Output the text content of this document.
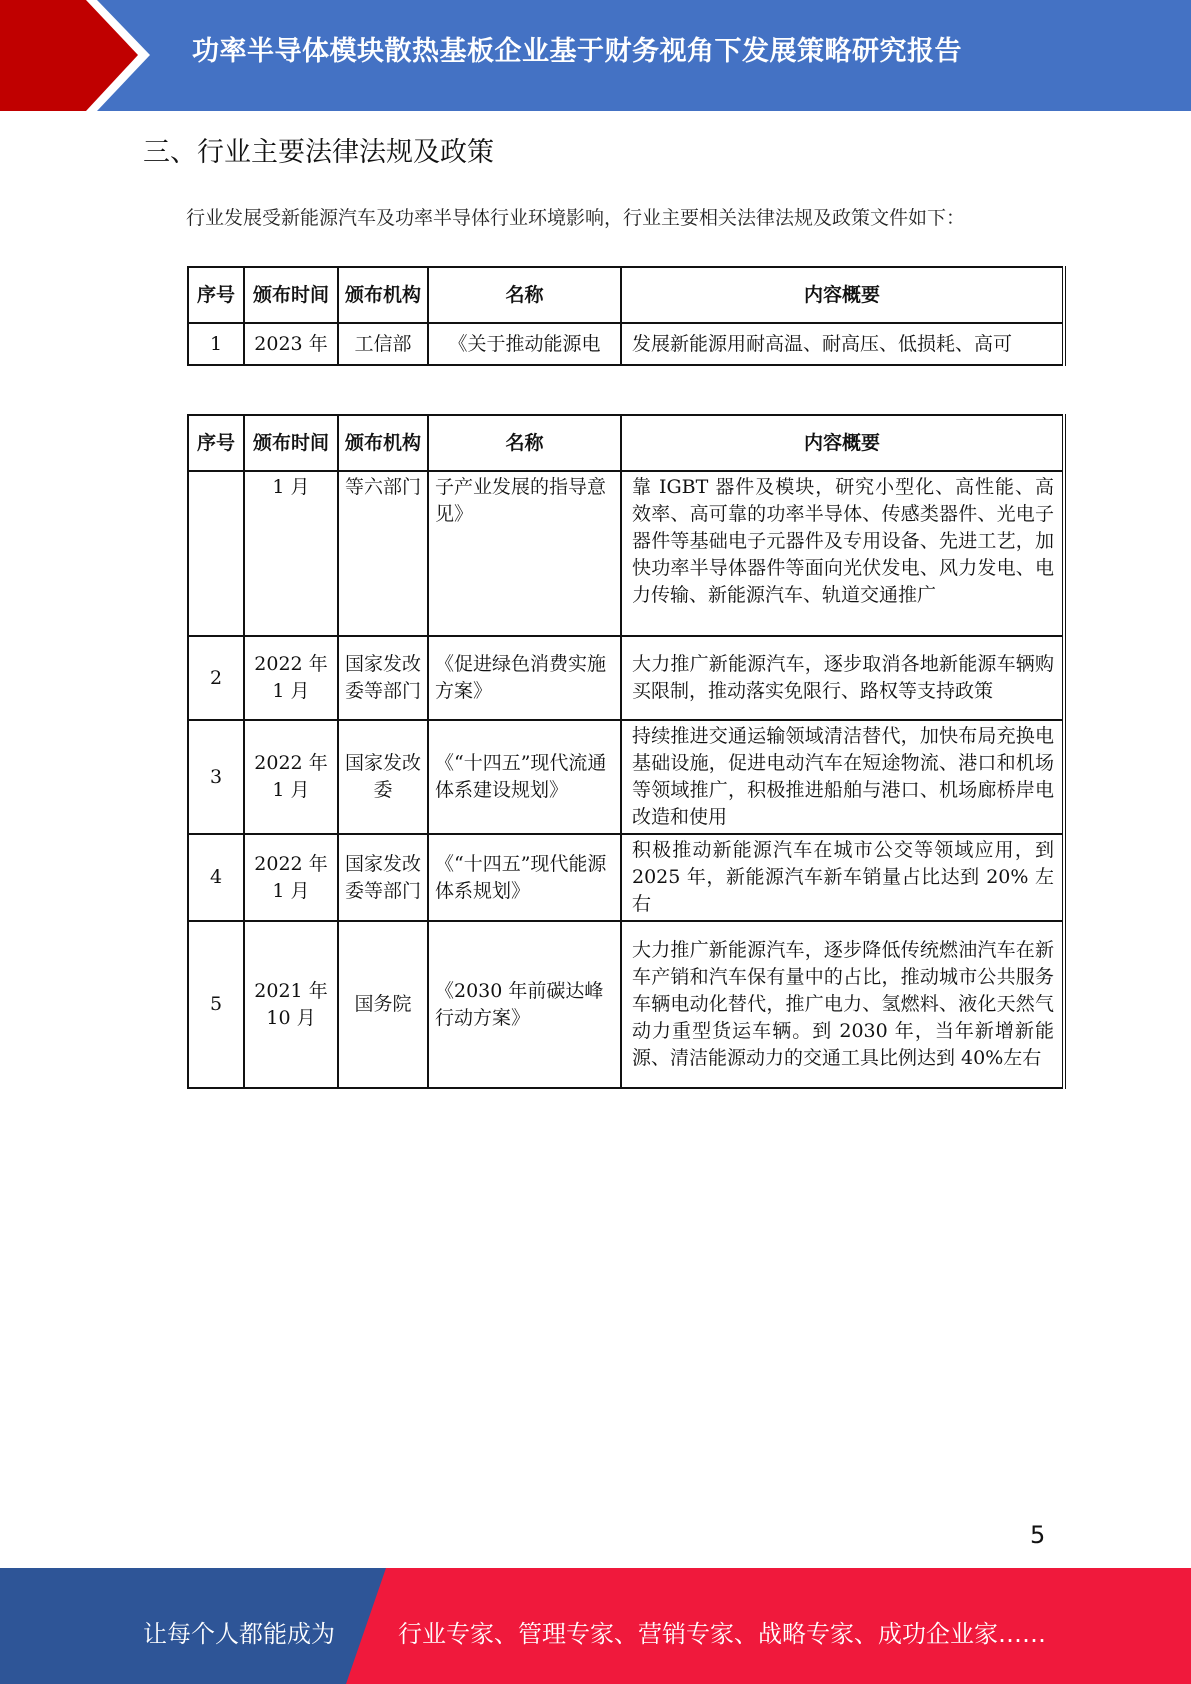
功率半导体模块散热基板企业基于财务视角下发展策略研究报告
三、行业主要法律法规及政策
行业发展受新能源汽车及功率半导体行业环境影响，行业主要相关法律法规及政策文件如下：
序号	颁布时间	颁布机构	名称	内容概要
1	2023 年	工信部	《关于推动能源电	发展新能源用耐高温、耐高压、低损耗、高可
序号	颁布时间	颁布机构	名称	内容概要
	1 月	等六部门	子产业发展的指导意见》	靠 IGBT 器件及模块，研究小型化、高性能、高效率、高可靠的功率半导体、传感类器件、光电子器件等基础电子元器件及专用设备、先进工艺，加快功率半导体器件等面向光伏发电、风力发电、电力传输、新能源汽车、轨道交通推广
2	2022 年 1 月	国家发改委等部门	《促进绿色消费实施方案》	大力推广新能源汽车，逐步取消各地新能源车辆购买限制，推动落实免限行、路权等支持政策
3	2022 年 1 月	国家发改委	《“十四五”现代流通体系建设规划》	持续推进交通运输领域清洁替代，加快布局充换电基础设施，促进电动汽车在短途物流、港口和机场等领域推广，积极推进船舶与港口、机场廊桥岸电改造和使用
4	2022 年 1 月	国家发改委等部门	《“十四五”现代能源体系规划》	积极推动新能源汽车在城市公交等领域应用，到 2025 年，新能源汽车新车销量占比达到 20% 左右
5	2021 年 10 月	国务院	《2030 年前碳达峰行动方案》	大力推广新能源汽车，逐步降低传统燃油汽车在新车产销和汽车保有量中的占比，推动城市公共服务车辆电动化替代，推广电力、氢燃料、液化天然气动力重型货运车辆。到 2030 年，当年新增新能源、清洁能源动力的交通工具比例达到 40%左右
5
让每个人都能成为	行业专家、管理专家、营销专家、战略专家、成功企业家……
